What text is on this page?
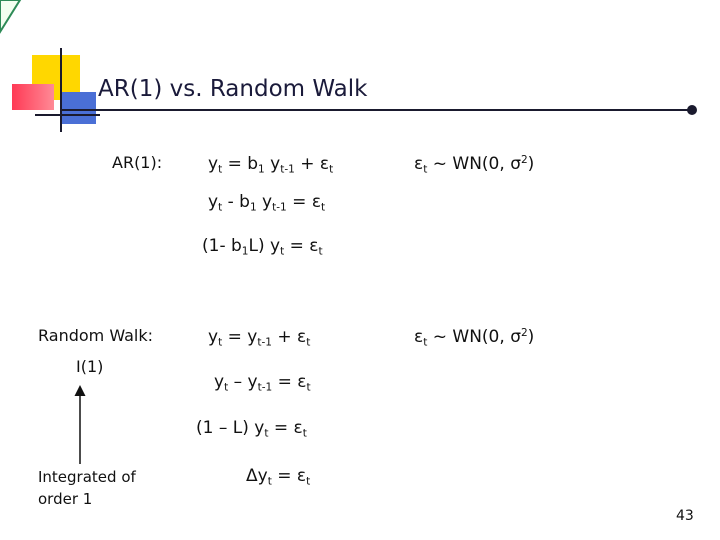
AR(1) vs. Random Walk
AR(1):	$y_t = b_1$ $y_{t-1} + \varepsilon_t$	$\varepsilon_t$ ~ WN(0, $\sigma^2$)
$y_t - b_1$ $y_{t-1} = \varepsilon_t$
(1- $b_1L$) $y_t = \varepsilon_t$
Random Walk:
I(1)
$y_t = y_{t-1} + \varepsilon_t$	$\varepsilon_t$ ~ WN(0, $\sigma^2$)
$y_t - y_{t-1} = \varepsilon_t$
(1 – L) $y_t = \varepsilon_t$
$\Delta y_t = \varepsilon_t$
Integrated of
order 1
43
